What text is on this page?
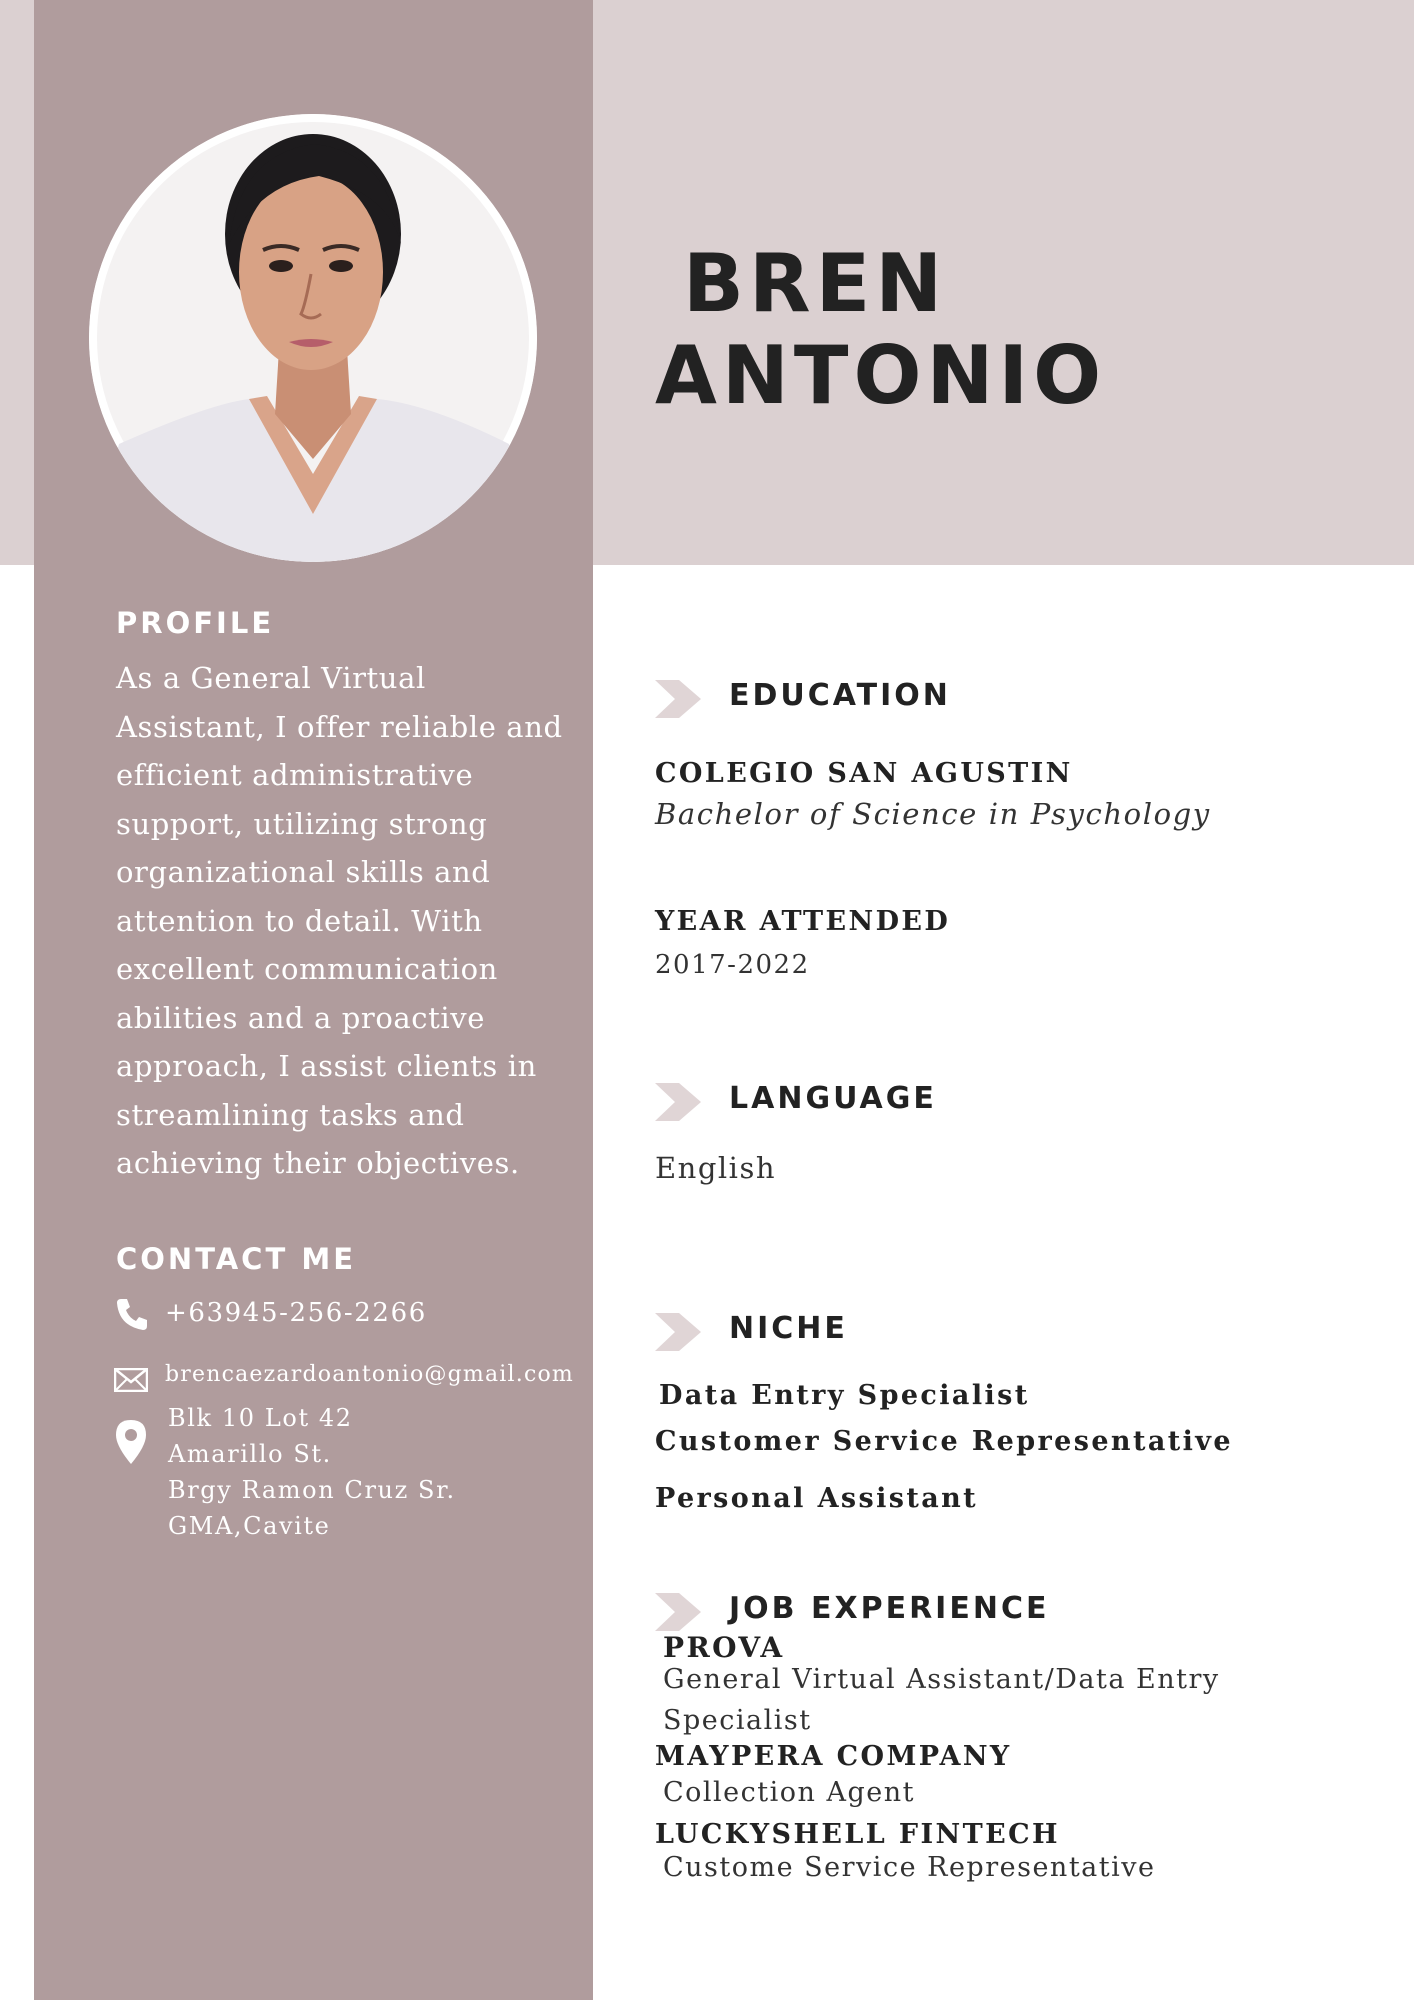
BREN
ANTONIO
PROFILE

As a General Virtual
Assistant, I offer reliable and
efficient administrative
support, utilizing strong
organizational skills and
attention to detail. With
excellent communication
abilities and a proactive
approach, I assist clients in
streamlining tasks and
achieving their objectives.

CONTACT ME
+63945-256-2266
brencaezardoantonio@gmail.com

Blk 10 Lot 42
Amarillo St.
Brgy Ramon Cruz Sr.
GMA,Cavite

EDUCATION
COLEGIO SAN AGUSTIN
Bachelor of Science in Psychology
YEAR ATTENDED
2017-2022
LANGUAGE
English
NICHE
Data Entry Specialist
Customer Service Representative
Personal Assistant
JOB EXPERIENCE
PROVA
General Virtual Assistant/Data Entry
Specialist
MAYPERA COMPANY
Collection Agent
LUCKYSHELL FINTECH
Custome Service Representative
